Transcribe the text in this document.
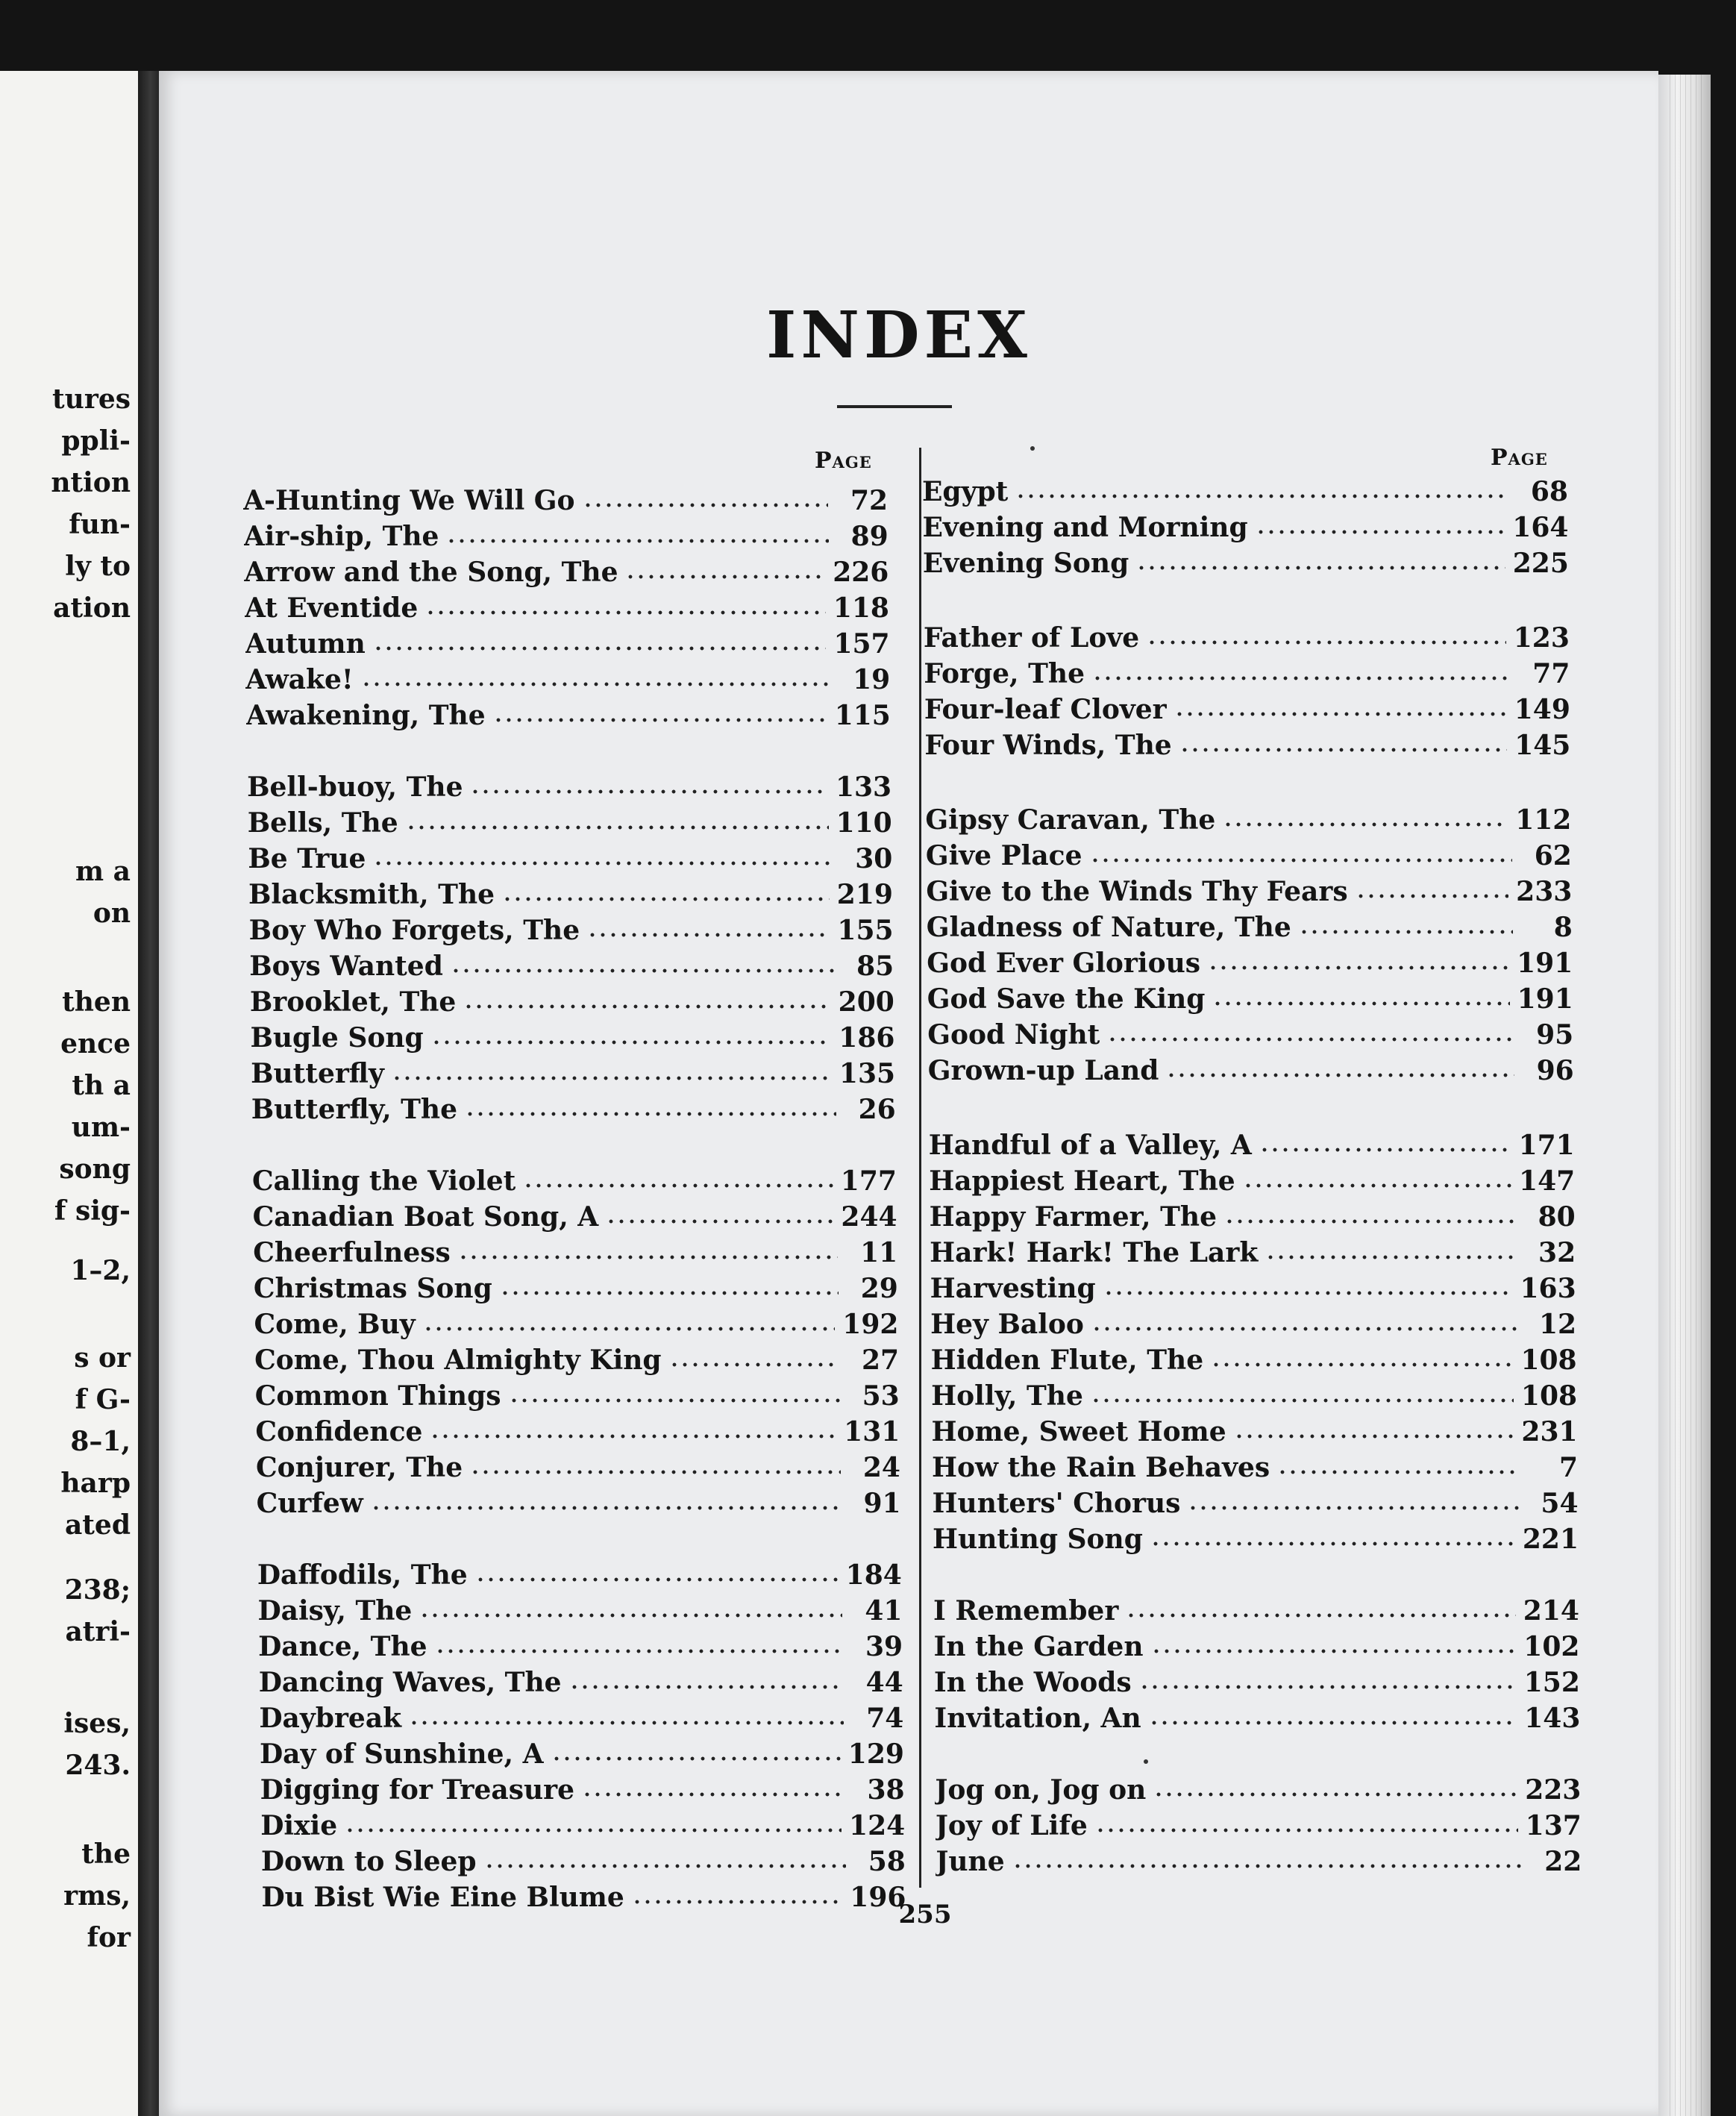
tures
ppli-
ntion
fun-
ly to
ation
m a
on
then
ence
th a
um-
song
f sig-
1–2,
s or
f G-
8–1,
harp
ated
238;
atri-
ises,
243.
the
rms,
for
INDEX
Page	Page
A-Hunting We Will Go	72
Air-ship, The	89
Arrow and the Song, The	226
At Eventide	118
Autumn	157
Awake!	19
Awakening, The	115
Bell-buoy, The	133
Bells, The	110
Be True	30
Blacksmith, The	219
Boy Who Forgets, The	155
Boys Wanted	85
Brooklet, The	200
Bugle Song	186
Butterfly	135
Butterfly, The	26
Calling the Violet	177
Canadian Boat Song, A	244
Cheerfulness	11
Christmas Song	29
Come, Buy	192
Come, Thou Almighty King	27
Common Things	53
Confidence	131
Conjurer, The	24
Curfew	91
Daffodils, The	184
Daisy, The	41
Dance, The	39
Dancing Waves, The	44
Daybreak	74
Day of Sunshine, A	129
Digging for Treasure	38
Dixie	124
Down to Sleep	58
Du Bist Wie Eine Blume	196
Egypt	68
Evening and Morning	164
Evening Song	225
Father of Love	123
Forge, The	77
Four-leaf Clover	149
Four Winds, The	145
Gipsy Caravan, The	112
Give Place	62
Give to the Winds Thy Fears	233
Gladness of Nature, The	8
God Ever Glorious	191
God Save the King	191
Good Night	95
Grown-up Land	96
Handful of a Valley, A	171
Happiest Heart, The	147
Happy Farmer, The	80
Hark! Hark! The Lark	32
Harvesting	163
Hey Baloo	12
Hidden Flute, The	108
Holly, The	108
Home, Sweet Home	231
How the Rain Behaves	7
Hunters' Chorus	54
Hunting Song	221
I Remember	214
In the Garden	102
In the Woods	152
Invitation, An	143
Jog on, Jog on	223
Joy of Life	137
June	22
255
